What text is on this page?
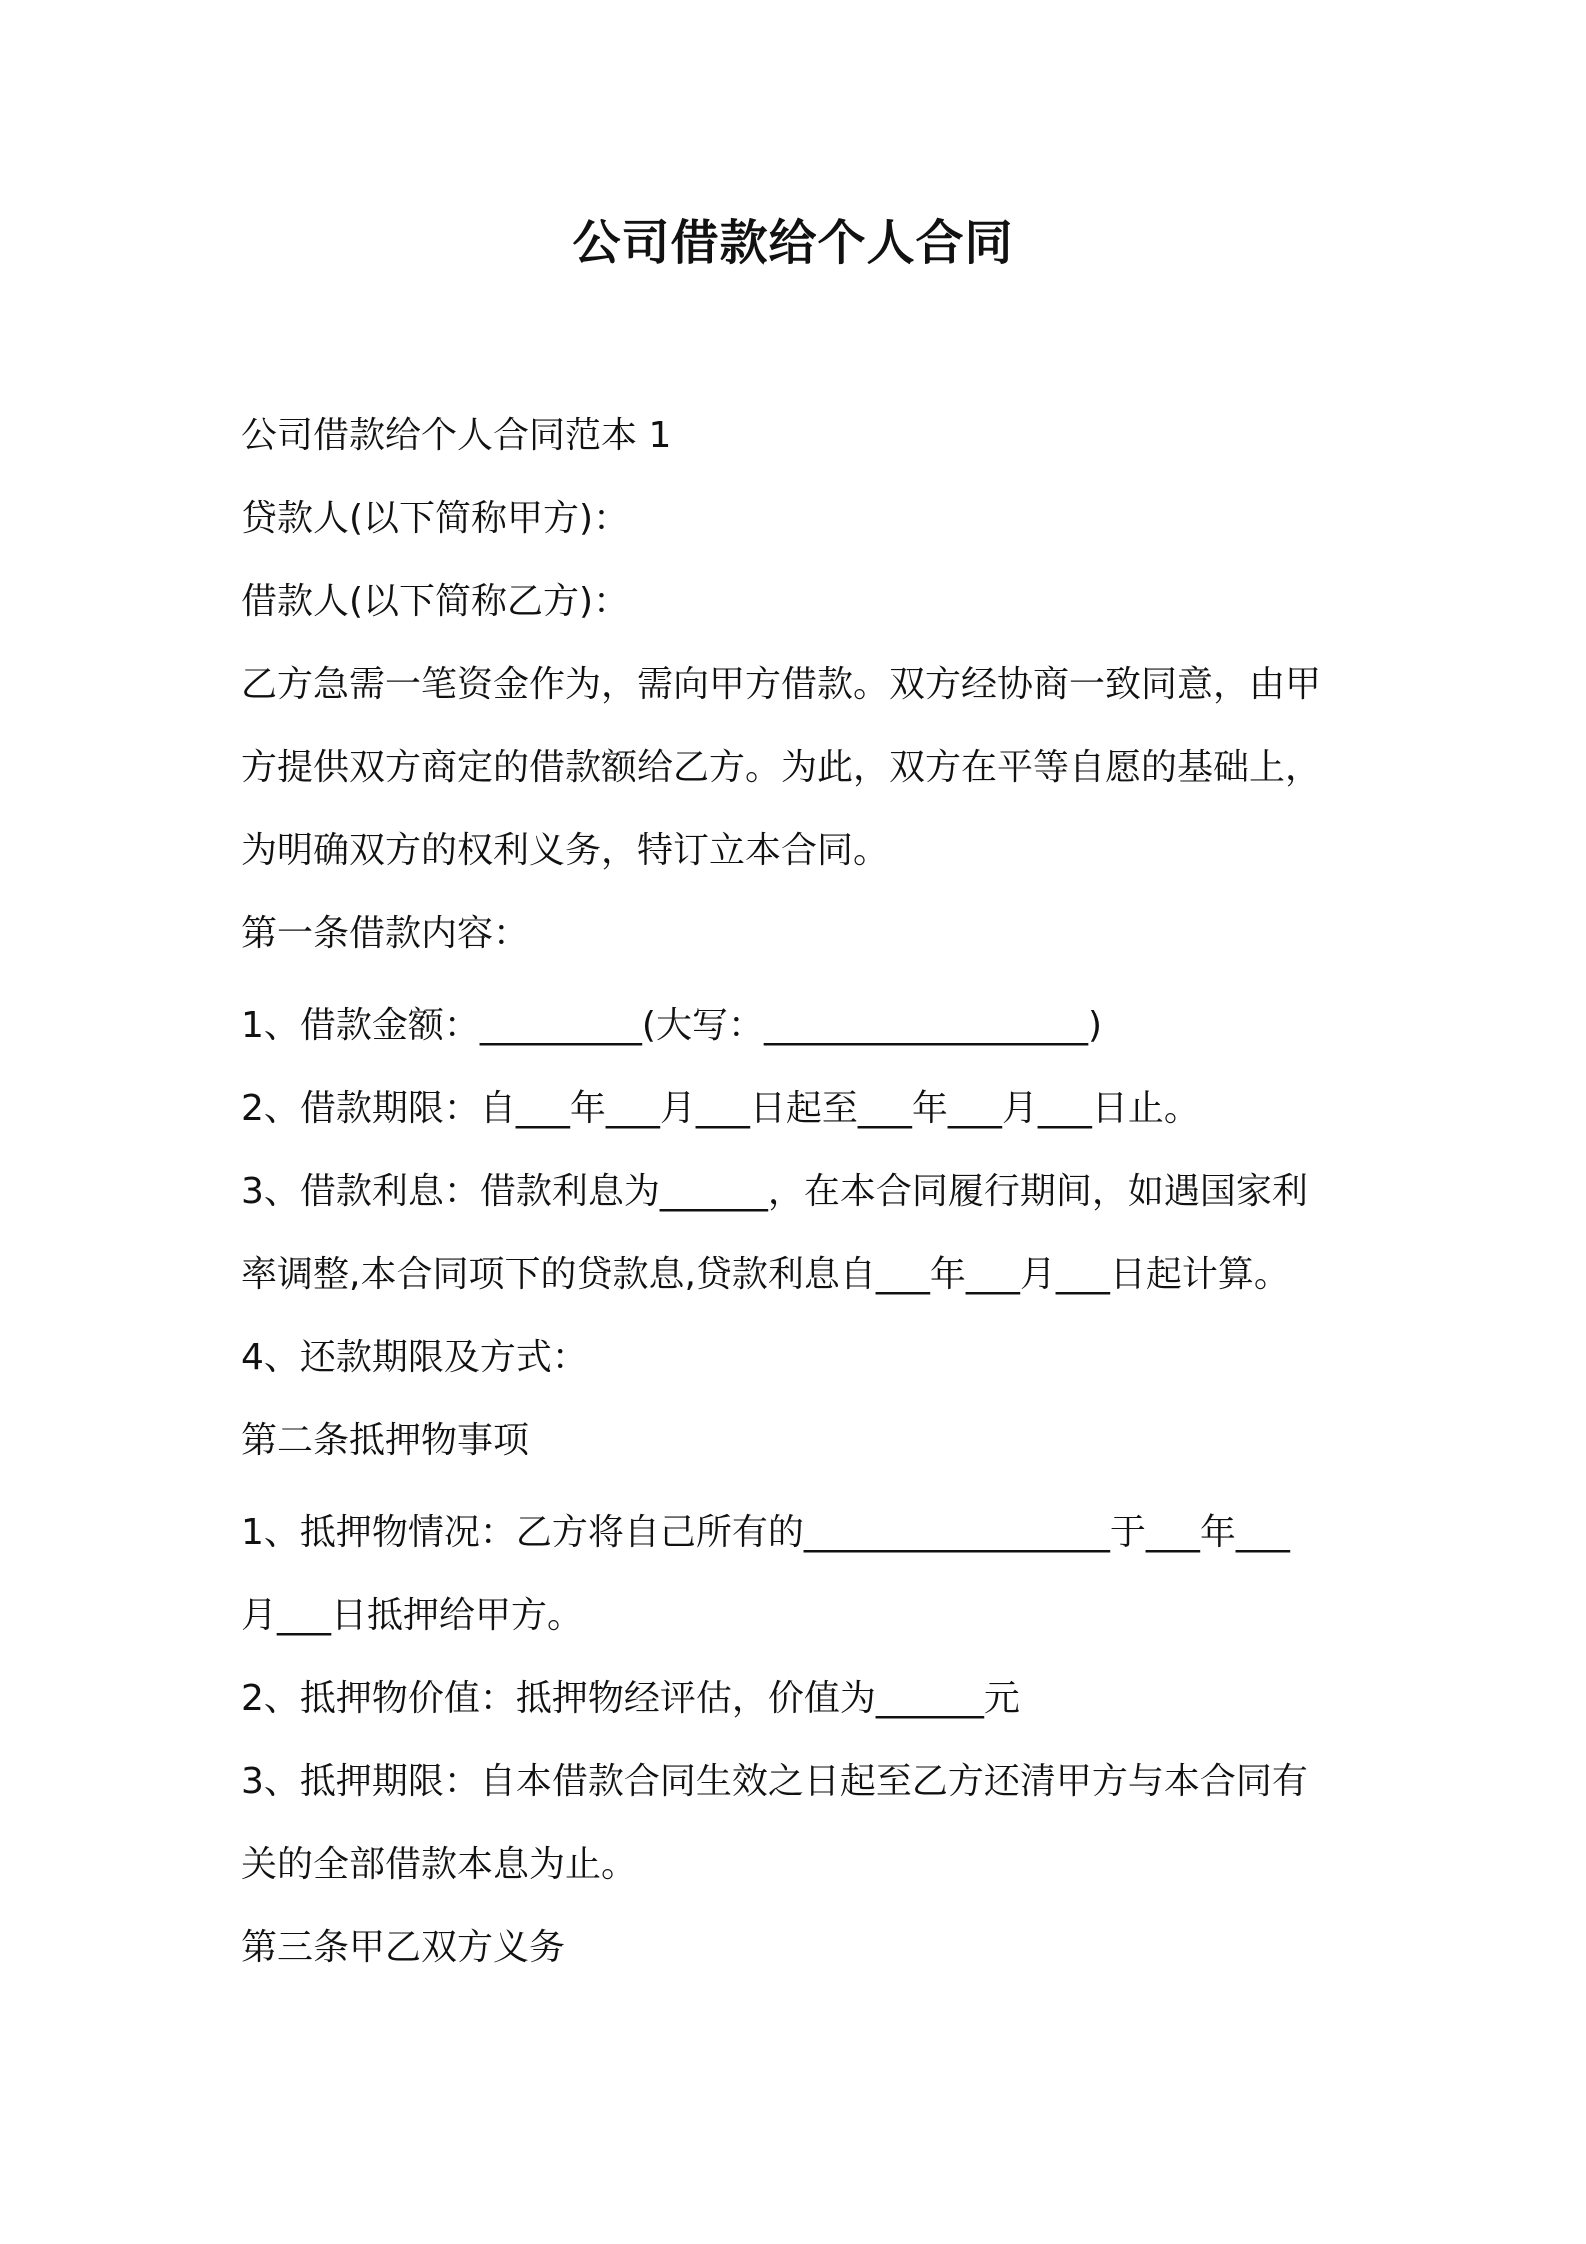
公司借款给个人合同
公司借款给个人合同范本 1
贷款人(以下简称甲方)：
借款人(以下简称乙方)：
乙方急需一笔资金作为，需向甲方借款。双方经协商一致同意，由甲
方提供双方商定的借款额给乙方。为此，双方在平等自愿的基础上，
为明确双方的权利义务，特订立本合同。
第一条借款内容：
1、借款金额：_________(大写：__________________)
2、借款期限：自___年___月___日起至___年___月___日止。
3、借款利息：借款利息为______，在本合同履行期间，如遇国家利
率调整,本合同项下的贷款息,贷款利息自___年___月___日起计算。
4、还款期限及方式：
第二条抵押物事项
1、抵押物情况：乙方将自己所有的_________________于___年___
月___日抵押给甲方。
2、抵押物价值：抵押物经评估，价值为______元
3、抵押期限：自本借款合同生效之日起至乙方还清甲方与本合同有
关的全部借款本息为止。
第三条甲乙双方义务
